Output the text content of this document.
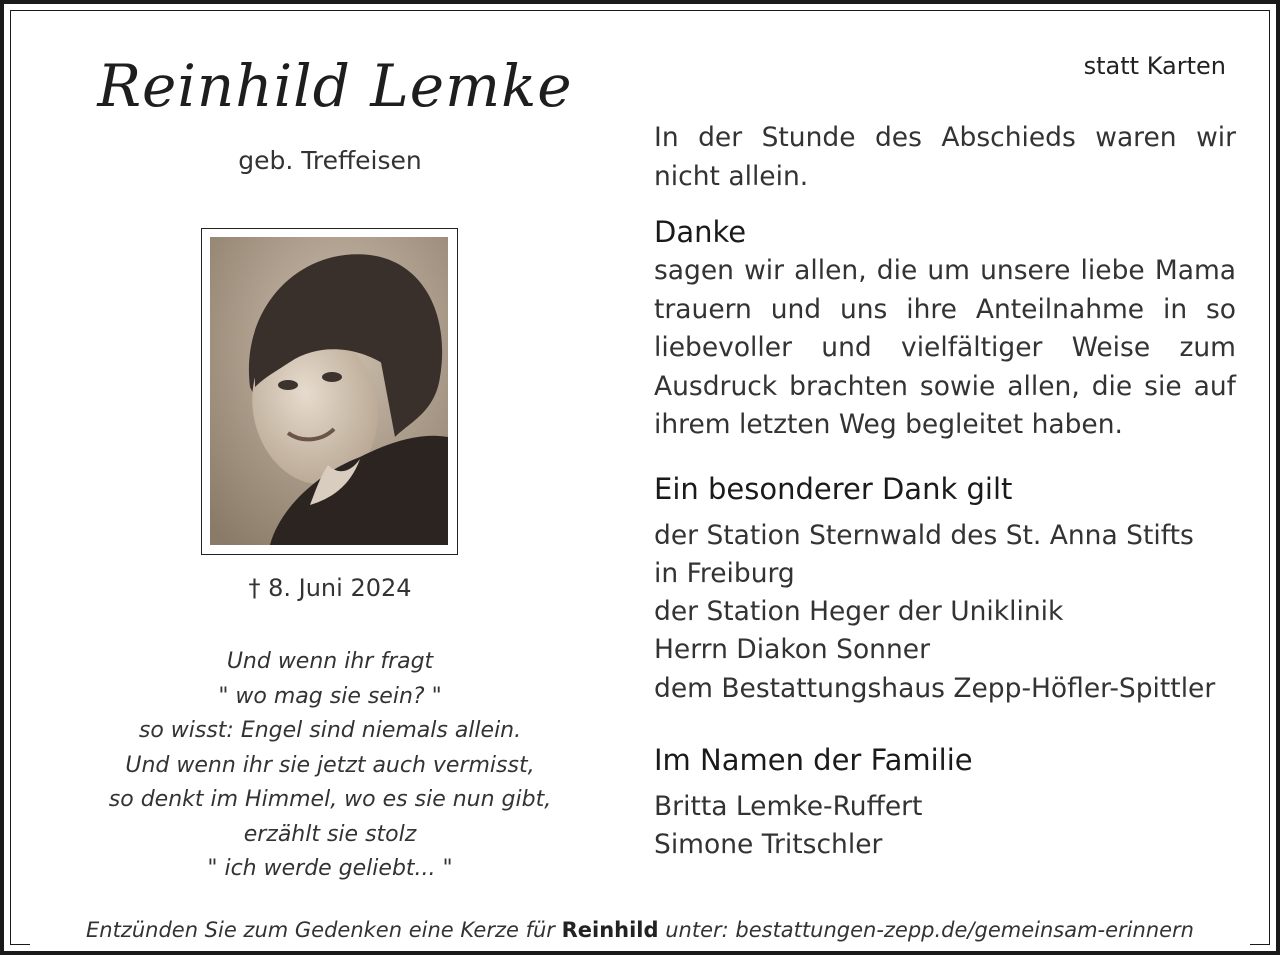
Reinhild Lemke
geb. Treffeisen
† 8. Juni 2024
Und wenn ihr fragt
" wo mag sie sein? "
so wisst: Engel sind niemals allein.
Und wenn ihr sie jetzt auch vermisst,
so denkt im Himmel, wo es sie nun gibt,
erzählt sie stolz
" ich werde geliebt... "
statt Karten
In der Stunde des Abschieds waren wir nicht allein.
Danke
sagen wir allen, die um unsere liebe Mama trauern und uns ihre Anteilnahme in so liebevoller und vielfältiger Weise zum Ausdruck brachten sowie allen, die sie auf ihrem letzten Weg begleitet haben.
Ein besonderer Dank gilt
der Station Sternwald des St. Anna Stifts
in Freiburg
der Station Heger der Uniklinik
Herrn Diakon Sonner
dem Bestattungshaus Zepp-Höfler-Spittler
Im Namen der Familie
Britta Lemke-Ruffert
Simone Tritschler
Entzünden Sie zum Gedenken eine Kerze für Reinhild unter: bestattungen-zepp.de/gemeinsam-erinnern
